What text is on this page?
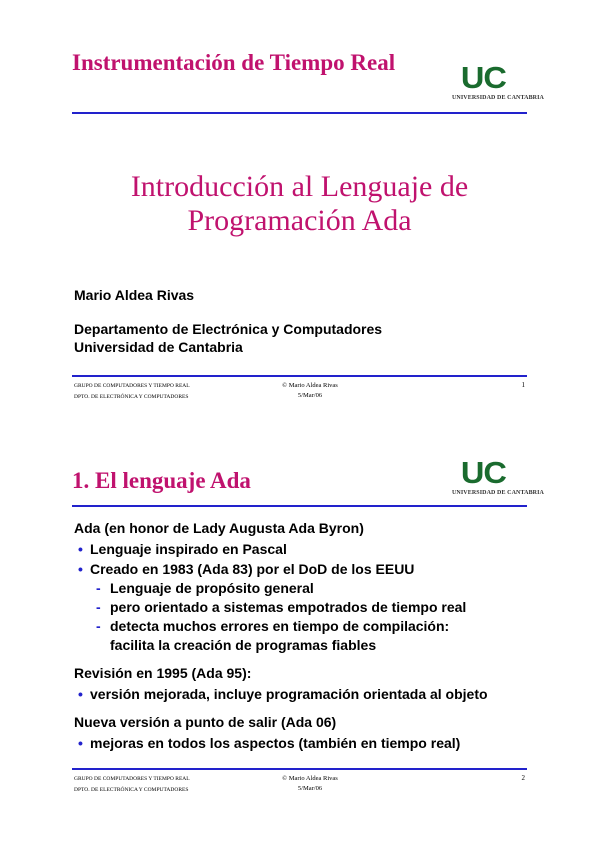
Instrumentación de Tiempo Real UC
UNIVERSIDAD DE CANTABRIA
Introducción al Lenguaje de
Programación Ada
Mario Aldea Rivas
Departamento de Electrónica y Computadores
Universidad de Cantabria
GRUPO DE COMPUTADORES Y TIEMPO REAL
DPTO. DE ELECTRÓNICA Y COMPUTADORES
© Mario Aldea Rivas
5/Mar/06
1
1. El lenguaje Ada	UC
UNIVERSIDAD DE CANTABRIA
Ada (en honor de Lady Augusta Ada Byron)
• Lenguaje inspirado en Pascal
• Creado en 1983 (Ada 83) por el DoD de los EEUU
- Lenguaje de propósito general
- pero orientado a sistemas empotrados de tiempo real
- detecta muchos errores en tiempo de compilación:
facilita la creación de programas fiables
Revisión en 1995 (Ada 95):
• versión mejorada, incluye programación orientada al objeto
Nueva versión a punto de salir (Ada 06)
• mejoras en todos los aspectos (también en tiempo real)
GRUPO DE COMPUTADORES Y TIEMPO REAL
DPTO. DE ELECTRÓNICA Y COMPUTADORES
© Mario Aldea Rivas
5/Mar/06
2
